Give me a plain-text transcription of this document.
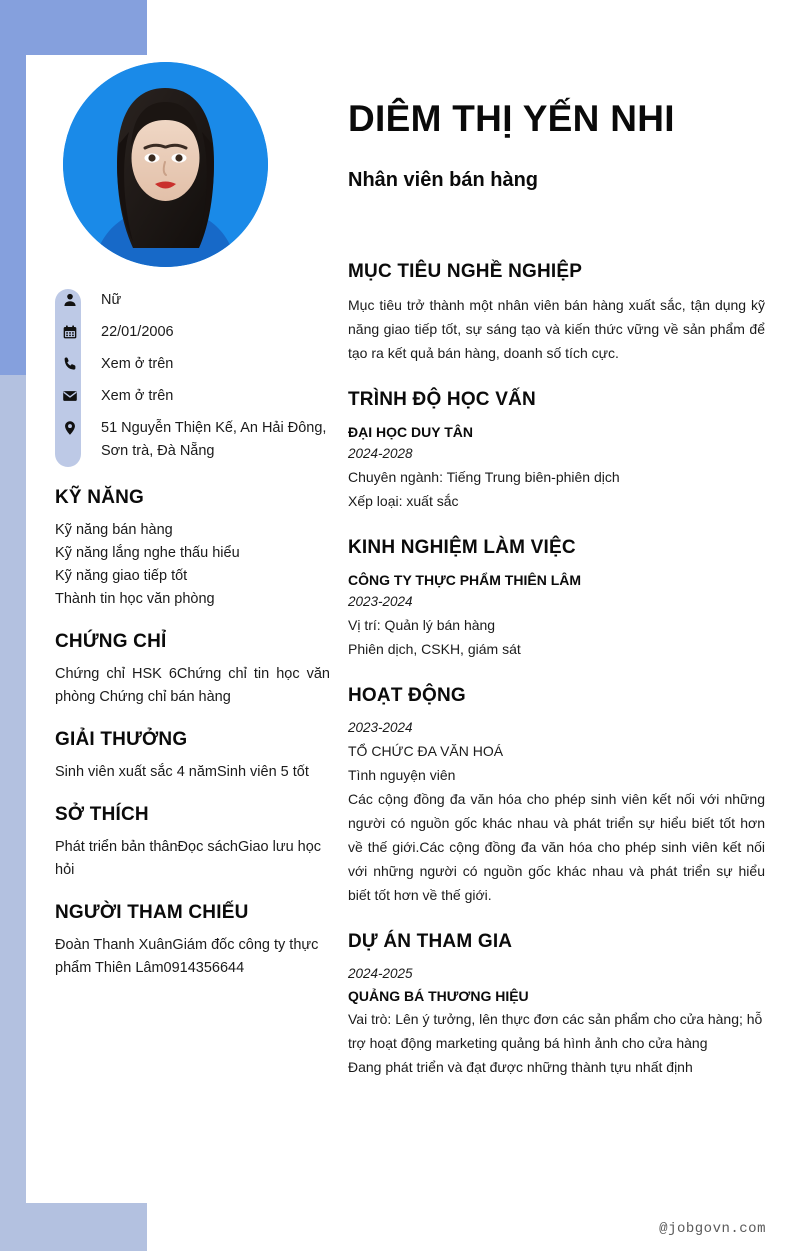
Nữ
22/01/2006
Xem ở trên
Xem ở trên
51 Nguyễn Thiện Kế, An Hải Đông, Sơn trà, Đà Nẵng
KỸ NĂNG

Kỹ năng bán hàng

Kỹ năng lắng nghe thấu hiểu

Kỹ năng giao tiếp tốt

Thành tin học văn phòng

CHỨNG CHỈ

Chứng chỉ HSK 6Chứng chỉ tin học văn phòng Chứng chỉ bán hàng

GIẢI THƯỞNG

Sinh viên xuất sắc 4 nămSinh viên 5 tốt

SỞ THÍCH

Phát triển bản thânĐọc sáchGiao lưu học hỏi

NGƯỜI THAM CHIẾU

Đoàn Thanh XuânGiám đốc công ty thực phẩm Thiên Lâm0914356644

DIÊM THỊ YẾN NHI
Nhân viên bán hàng
MỤC TIÊU NGHỀ NGHIỆP

Mục tiêu trở thành một nhân viên bán hàng xuất sắc, tận dụng kỹ năng giao tiếp tốt, sự sáng tạo và kiến thức vững về sản phẩm để tạo ra kết quả bán hàng, doanh số tích cực.

TRÌNH ĐỘ HỌC VẤN

ĐẠI HỌC DUY TÂN

2024-2028

Chuyên ngành: Tiếng Trung biên-phiên dịch

Xếp loại: xuất sắc

KINH NGHIỆM LÀM VIỆC

CÔNG TY THỰC PHẨM THIÊN LÂM

2023-2024

Vị trí: Quản lý bán hàng

Phiên dịch, CSKH, giám sát

HOẠT ĐỘNG

2023-2024

TỔ CHỨC ĐA VĂN HOÁ

Tình nguyện viên

Các cộng đồng đa văn hóa cho phép sinh viên kết nối với những người có nguồn gốc khác nhau và phát triển sự hiểu biết tốt hơn về thế giới.Các cộng đồng đa văn hóa cho phép sinh viên kết nối với những người có nguồn gốc khác nhau và phát triển sự hiểu biết tốt hơn về thế giới.

DỰ ÁN THAM GIA

2024-2025

QUẢNG BÁ THƯƠNG HIỆU

Vai trò: Lên ý tưởng, lên thực đơn các sản phẩm cho cửa hàng; hỗ trợ hoạt động marketing quảng bá hình ảnh cho cửa hàng

Đang phát triển và đạt được những thành tựu nhất định

@jobgovn.com
